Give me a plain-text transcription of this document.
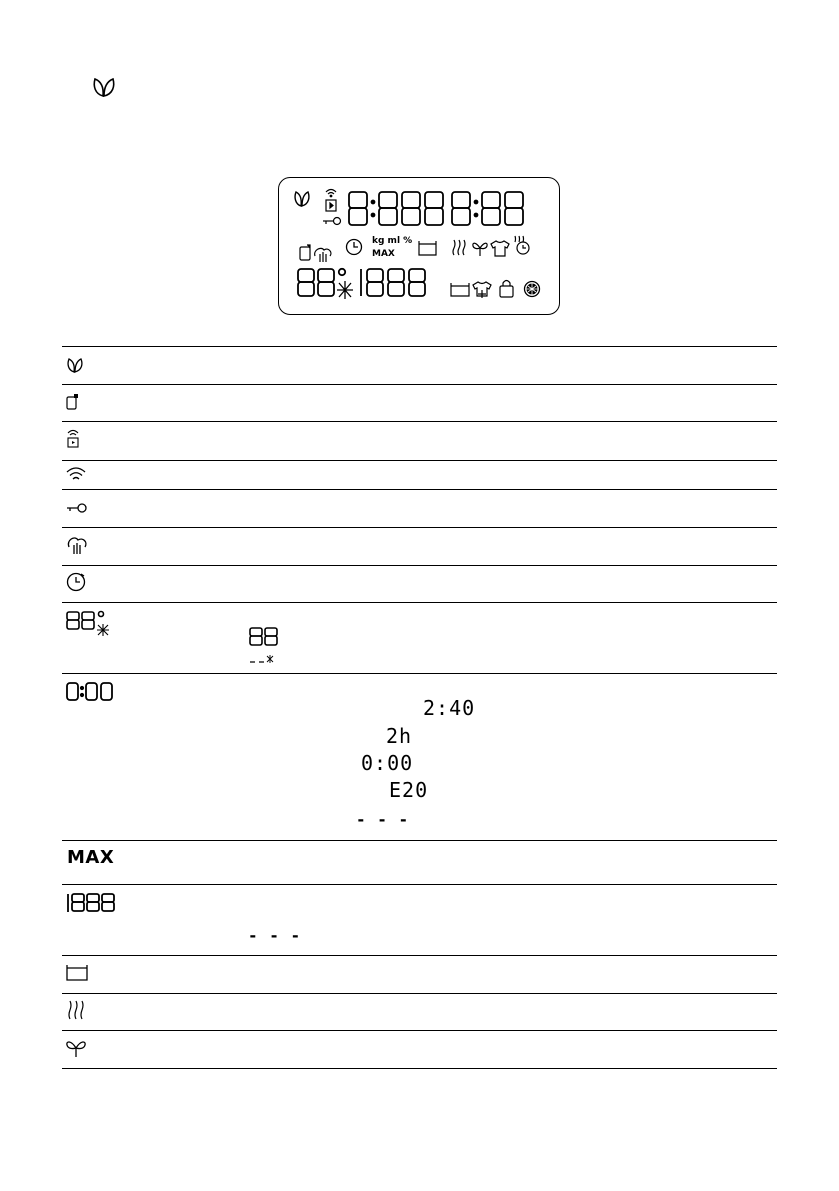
kg ml %
MAX
2:40
2h
0:00
E20
- - -
MAX
- - -
